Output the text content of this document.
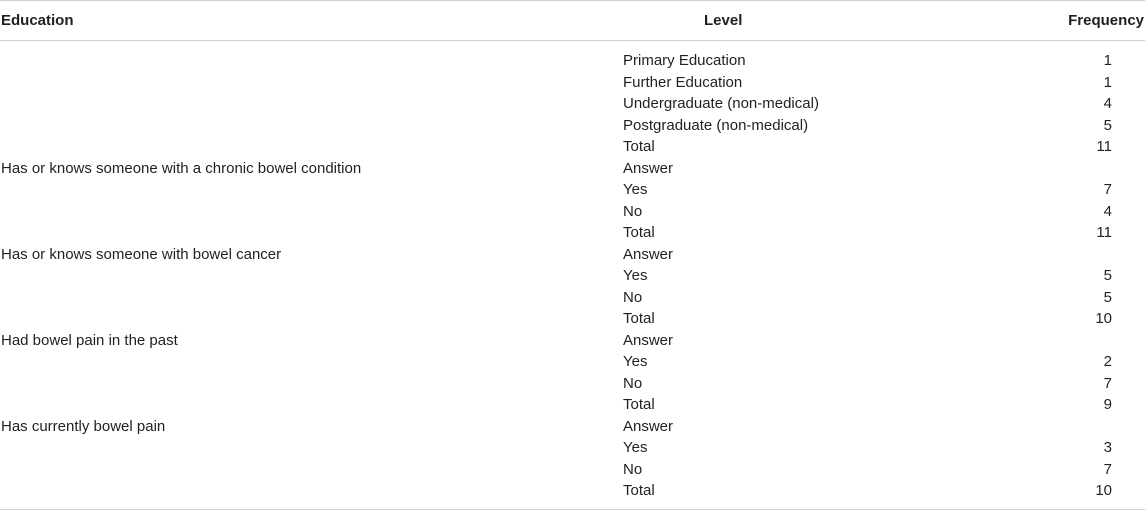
Education	Level	Frequency
	Primary Education	1
	Further Education	1
	Undergraduate (non-medical)	4
	Postgraduate (non-medical)	5
	Total	11
Has or knows someone with a chronic bowel condition	Answer	
	Yes	7
	No	4
	Total	11
Has or knows someone with bowel cancer	Answer	
	Yes	5
	No	5
	Total	10
Had bowel pain in the past	Answer	
	Yes	2
	No	7
	Total	9
Has currently bowel pain	Answer	
	Yes	3
	No	7
	Total	10
